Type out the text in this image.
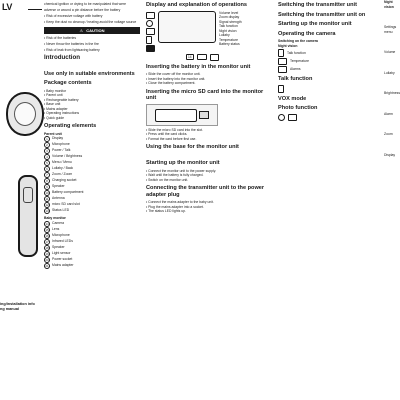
LV
ing/installation info
ng manual

chemical ignition or drying to be manipulated that were

adverse or wound a pin distance before the battery

• Risk of excessive voltage with battery

• Keep the dust no cleanup / heating avoid the voltage source

⚠ CAUTION

• Risk of fire batteries

• Never throw the batteries in the fire

• Risk of leak from lightsaving battery

Introduction

Use only in suitable environments
Package contents
• Baby monitor
• Parent unit
• Rechargeable battery
• Base unit
• Mains adapter
• Operating instructions
• Quick guide
Operating elements
Parent unit
1	Display
2	Microphone
3	Power / Talk
4	Volume / Brightness
5	Menu / Menu
6	Lullaby / Back
7	Zoom / Zoom
8	Charging socket
9	Speaker
10 Battery compartment
11	Antenna
12 micro SD card slot
13 Status LED
Baby monitor
14 Camera
15 Lens
16 Microphone
17 Infrared LEDs
18 Speaker
19 Light sensor
20 Power socket
21 Mains adapter
Display and explanation of operations
Volume level
Zoom display
Signal strength
Talk function
Night vision
Lullaby
Temperature
Battery status
14
Inserting the battery in the monitor unit
• Slide the cover off the monitor unit.
• Insert the battery into the monitor unit.
• Close the battery compartment.
Inserting the micro SD card into the monitor unit
• Slide the micro SD card into the slot.
• Press until the card clicks.
• Format the card before first use.
Using the base for the monitor unit

Starting up the monitor unit
• Connect the monitor unit to the power supply.
• Wait until the battery is fully charged.
• Switch on the monitor unit.
Connecting the transmitter unit to the power adapter plug
• Connect the mains adapter to the baby unit.
• Plug the mains adapter into a socket.
• The status LED lights up.
Switching the transmitter unit
Switching the transmitter unit on
Starting up the monitor unit
Operating the camera
Switching on the camera
Night vision
Talk function
Temperature
Alarms
Talk function
VOX mode
Photo function
Night vision
Settings menu
Volume
Lullaby
Brightness
Alarm
Zoom
Display
